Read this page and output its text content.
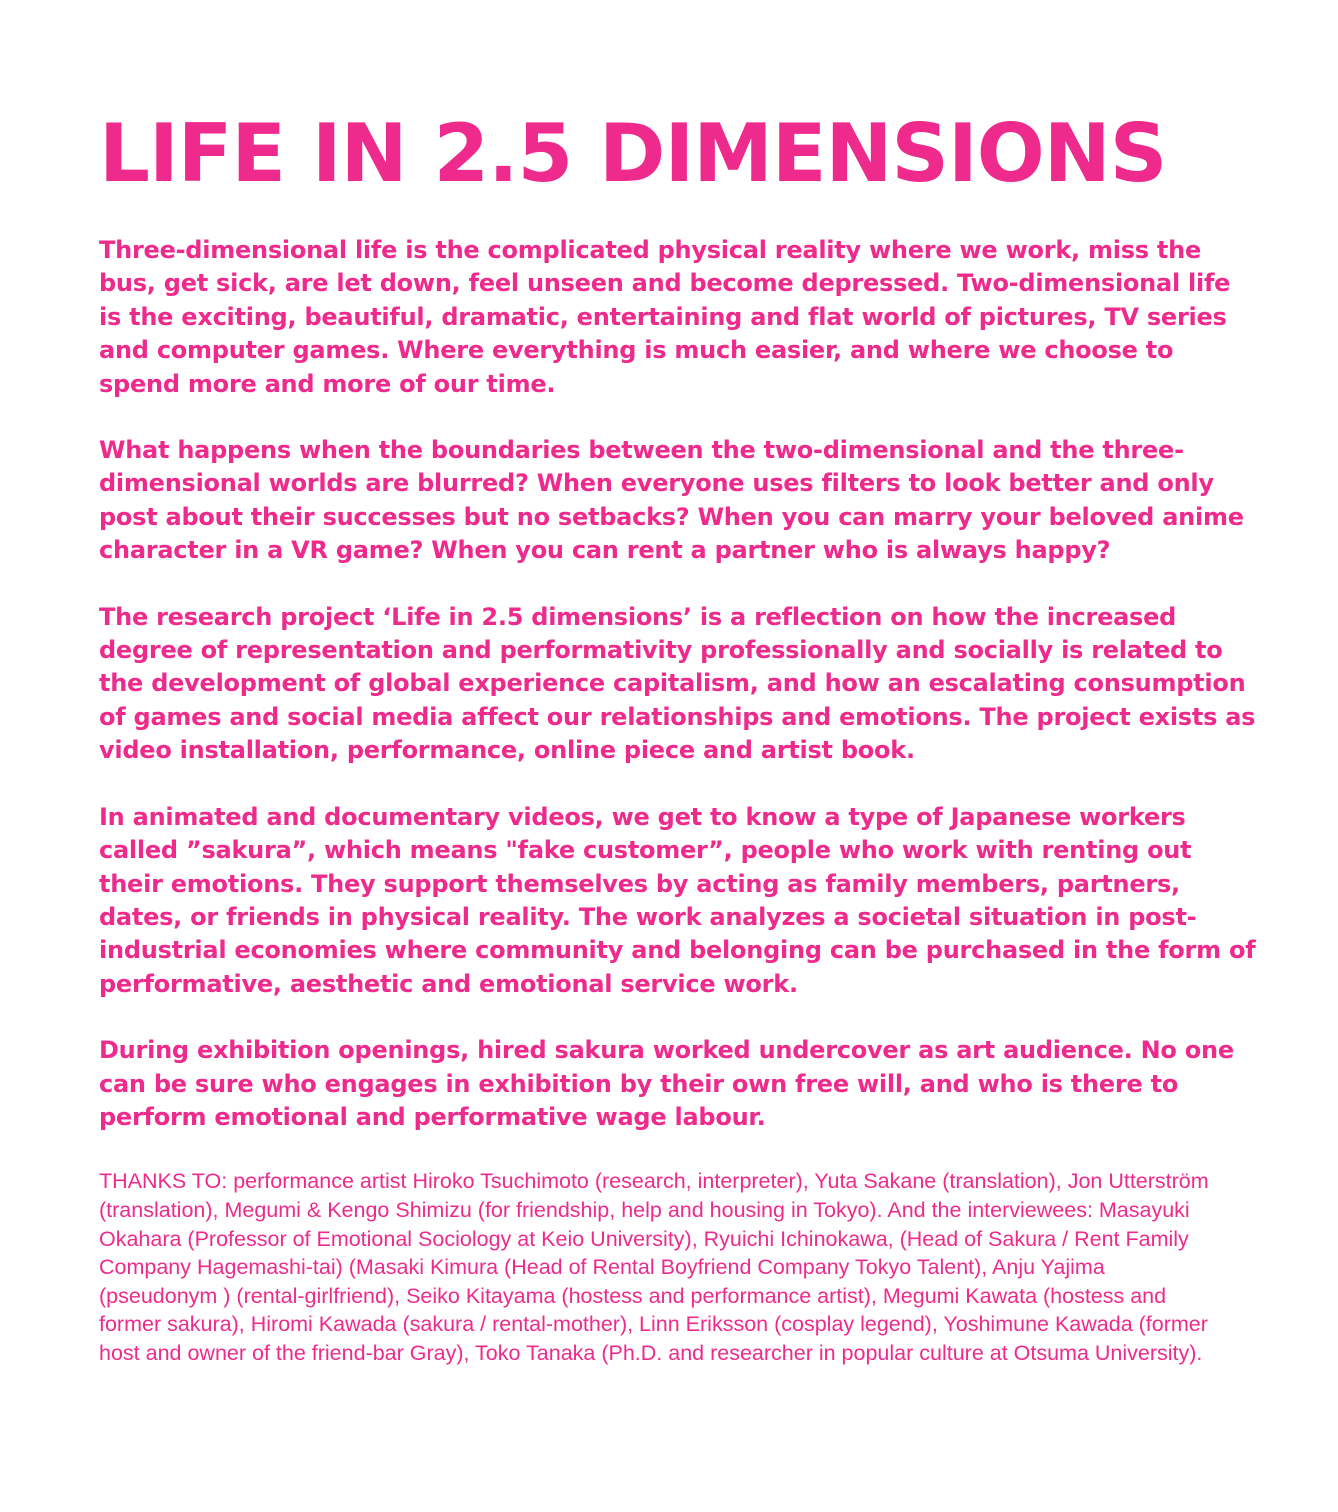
LIFE IN 2.5 DIMENSIONS

Three-dimensional life is the complicated physical reality where we work, miss the bus, get sick, are let down, feel unseen and become depressed. Two-dimensional life is the exciting, beautiful, dramatic, entertaining and flat world of pictures, TV series and computer games. Where everything is much easier, and where we choose to spend more and more of our time.

What happens when the boundaries between the two-dimensional and the three-dimensional worlds are blurred? When everyone uses filters to look better and only post about their successes but no setbacks? When you can marry your beloved anime character in a VR game? When you can rent a partner who is always happy?

The research project ‘Life in 2.5 dimensions’ is a reflection on how the increased degree of representation and performativity professionally and socially is related to the development of global experience capitalism, and how an escalating consumption of games and social media affect our relationships and emotions. The project exists as video installation, performance, online piece and artist book.

In animated and documentary videos, we get to know a type of Japanese workers called ”sakura”, which means "fake customer”, people who work with renting out their emotions. They support themselves by acting as family members, partners, dates, or friends in physical reality. The work analyzes a societal situation in post-industrial economies where community and belonging can be purchased in the form of performative, aesthetic and emotional service work.

During exhibition openings, hired sakura worked undercover as art audience. No one can be sure who engages in exhibition by their own free will, and who is there to perform emotional and performative wage labour.

THANKS TO: performance artist Hiroko Tsuchimoto (research, interpreter), Yuta Sakane (translation), Jon Utterström (translation), Megumi & Kengo Shimizu (for friendship, help and housing in Tokyo). And the interviewees: Masayuki Okahara (Professor of Emotional Sociology at Keio University), Ryuichi Ichinokawa, (Head of Sakura / Rent Family Company Hagemashi-tai) (Masaki Kimura (Head of Rental Boyfriend Company Tokyo Talent), Anju Yajima (pseudonym ) (rental-girlfriend), Seiko Kitayama (hostess and performance artist), Megumi Kawata (hostess and former sakura), Hiromi Kawada (sakura / rental-mother), Linn Eriksson (cosplay legend), Yoshimune Kawada (former host and owner of the friend-bar Gray), Toko Tanaka (Ph.D. and researcher in popular culture at Otsuma University).
